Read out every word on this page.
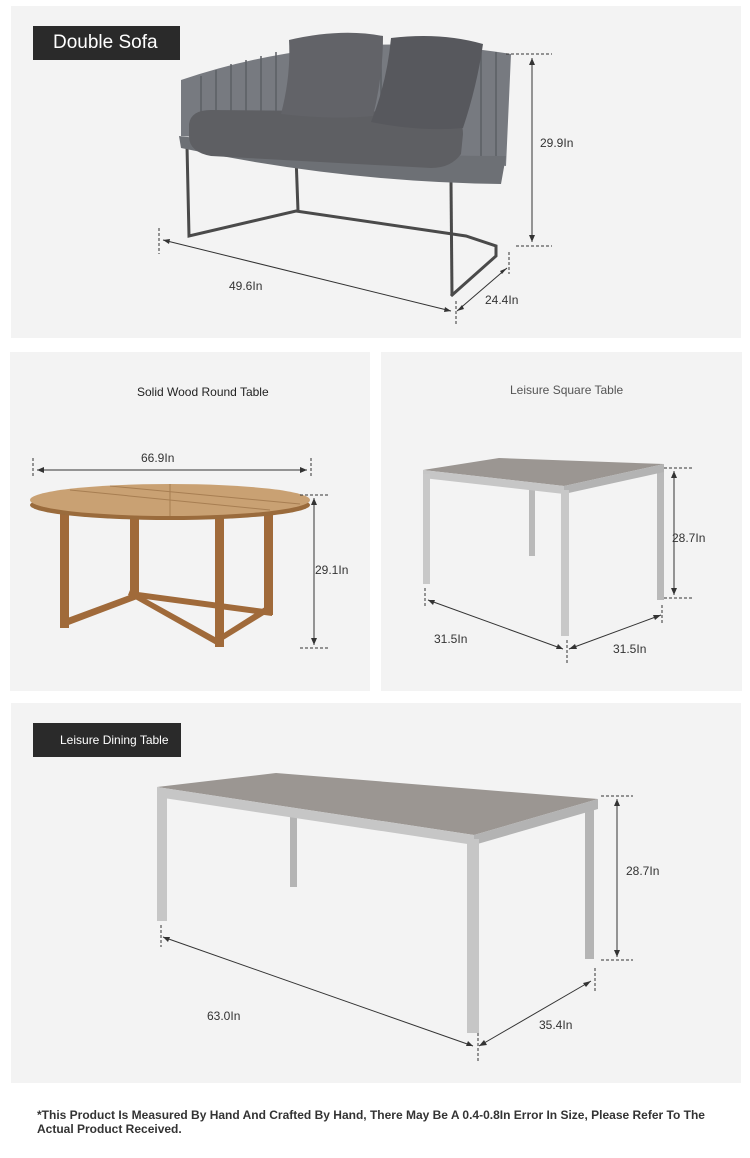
Double Sofa
29.9In
49.6In
24.4In
Solid Wood Round Table
66.9In
29.1In
Leisure Square Table
28.7In
31.5In
31.5In
Leisure Dining Table
28.7In
63.0In
35.4In
*This Product Is Measured By Hand And Crafted By Hand, There May Be A 0.4-0.8In Error In Size, Please Refer To The Actual Product Received.
